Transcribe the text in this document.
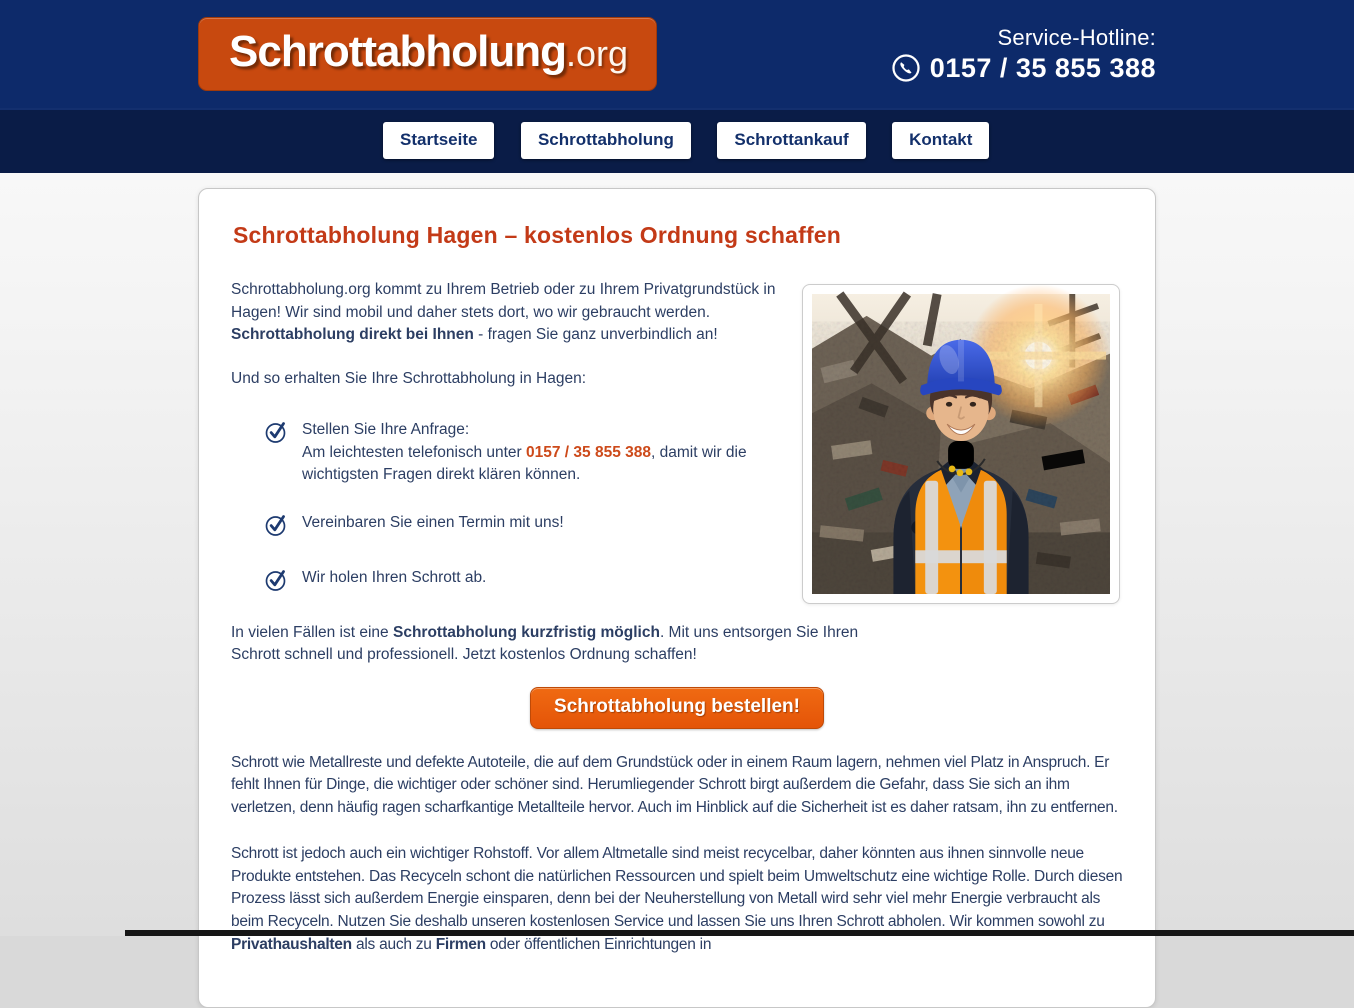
Schrottabholung.org	Service-Hotline:
0157 / 35 855 388
Startseite	Schrottabholung	Schrottankauf	Kontakt
Schrottabholung Hagen – kostenlos Ordnung schaffen

Schrottabholung.org kommt zu Ihrem Betrieb oder zu Ihrem Privatgrundstück in Hagen! Wir sind mobil und daher stets dort, wo wir gebraucht werden. Schrottabholung direkt bei Ihnen - fragen Sie ganz unverbindlich an!

Und so erhalten Sie Ihre Schrottabholung in Hagen:

Stellen Sie Ihre Anfrage:
Am leichtesten telefonisch unter 0157 / 35 855 388, damit wir die wichtigsten Fragen direkt klären können.
Vereinbaren Sie einen Termin mit uns!
Wir holen Ihren Schrott ab.

In vielen Fällen ist eine Schrottabholung kurzfristig möglich. Mit uns entsorgen Sie Ihren Schrott schnell und professionell. Jetzt kostenlos Ordnung schaffen!

Schrottabholung bestellen!

Schrott wie Metallreste und defekte Autoteile, die auf dem Grundstück oder in einem Raum lagern, nehmen viel Platz in Anspruch. Er fehlt Ihnen für Dinge, die wichtiger oder schöner sind. Herumliegender Schrott birgt außerdem die Gefahr, dass Sie sich an ihm verletzen, denn häufig ragen scharfkantige Metallteile hervor. Auch im Hinblick auf die Sicherheit ist es daher ratsam, ihn zu entfernen.

Schrott ist jedoch auch ein wichtiger Rohstoff. Vor allem Altmetalle sind meist recycelbar, daher könnten aus ihnen sinnvolle neue Produkte entstehen. Das Recyceln schont die natürlichen Ressourcen und spielt beim Umweltschutz eine wichtige Rolle. Durch diesen Prozess lässt sich außerdem Energie einsparen, denn bei der Neuherstellung von Metall wird sehr viel mehr Energie verbraucht als beim Recyceln. Nutzen Sie deshalb unseren kostenlosen Service und lassen Sie uns Ihren Schrott abholen. Wir kommen sowohl zu Privathaushalten als auch zu Firmen oder öffentlichen Einrichtungen in
